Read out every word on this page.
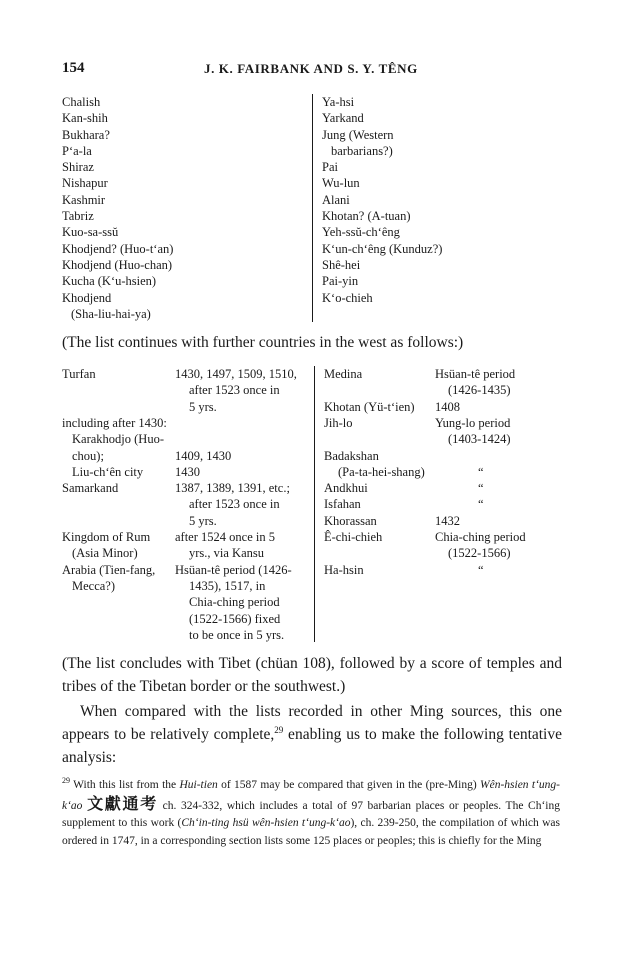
154	J. K. FAIRBANK AND S. Y. TÊNG
Chalish
Kan-shih
Bukhara?
P‘a-la
Shiraz
Nishapur
Kashmir
Tabriz
Kuo-sa-ssŭ
Khodjend? (Huo-t‘an)
Khodjend (Huo-chan)
Kucha (K‘u-hsien)
Khodjend
(Sha-liu-hai-ya)
Ya-hsi
Yarkand
Jung (Western
barbarians?)
Pai
Wu-lun
Alani
Khotan? (A-tuan)
Yeh-ssŭ-ch‘êng
K‘un-ch‘êng (Kunduz?)
Shê-hei
Pai-yin
K‘o-chieh
(The list continues with further countries in the west as follows:)
Turfan
including after 1430:
Karakhodjo (Huo-
chou);
Liu-ch‘ên city
Samarkand
Kingdom of Rum
(Asia Minor)
Arabia (Tien-fang,
Mecca?)
1430, 1497, 1509, 1510,
after 1523 once in
5 yrs.
1409, 1430
1430
1387, 1389, 1391, etc.;
after 1523 once in
5 yrs.
after 1524 once in 5
yrs., via Kansu
Hsüan-tê period (1426-
1435), 1517, in
Chia-ching period
(1522-1566) fixed
to be once in 5 yrs.
Medina
Khotan (Yü-t‘ien)
Jih-lo
Badakshan
(Pa-ta-hei-shang)
Andkhui
Isfahan
Khorassan
Ê-chi-chieh
Ha-hsin
Hsüan-tê period
(1426-1435)
1408
Yung-lo period
(1403-1424)
“
“
“
1432
Chia-ching period
(1522-1566)
“
(The list concludes with Tibet (chüan 108), followed by a score of temples and tribes of the Tibetan border or the southwest.)
When compared with the lists recorded in other Ming sources, this one appears to be relatively complete,$^{29}$ enabling us to make the following tentative analysis:
$^{29}$ With this list from the Hui-tien of 1587 may be compared that given in the (pre-Ming) Wên-hsien t‘ung-k‘ao 文獻通考 ch. 324-332, which includes a total of 97 barbarian places or peoples. The Ch‘ing supplement to this work (Ch‘in-ting hsü wên-hsien t‘ung-k‘ao), ch. 239-250, the compilation of which was ordered in 1747, in a corresponding section lists some 125 places or peoples; this is chiefly for the Ming
